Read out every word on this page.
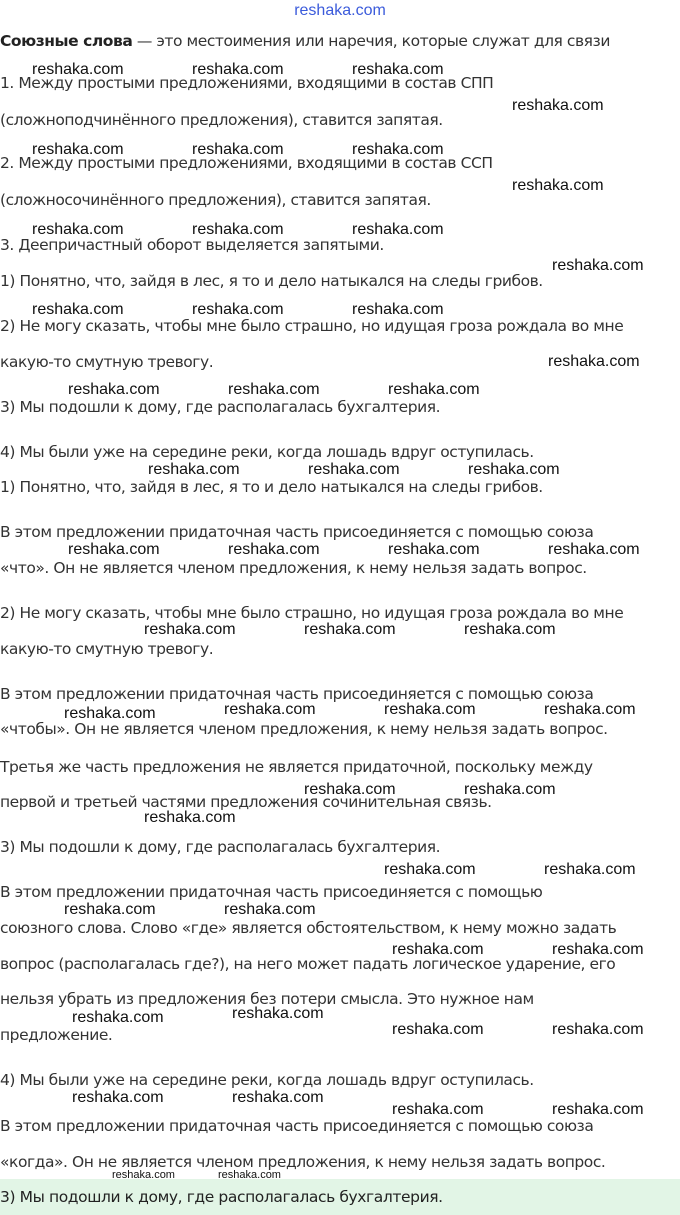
reshaka.com
Союзные слова — это местоимения или наречия, которые служат для связи
1. Между простыми предложениями, входящими в состав СПП
(сложноподчинённого предложения), ставится запятая.
2. Между простыми предложениями, входящими в состав ССП
(сложносочинённого предложения), ставится запятая.
3. Деепричастный оборот выделяется запятыми.
1) Понятно, что, зайдя в лес, я то и дело натыкался на следы грибов.
2) Не могу сказать, чтобы мне было страшно, но идущая гроза рождала во мне
какую-то смутную тревогу.
3) Мы подошли к дому, где располагалась бухгалтерия.
4) Мы были уже на середине реки, когда лошадь вдруг оступилась.
1) Понятно, что, зайдя в лес, я то и дело натыкался на следы грибов.
В этом предложении придаточная часть присоединяется с помощью союза
«что». Он не является членом предложения, к нему нельзя задать вопрос.
2) Не могу сказать, чтобы мне было страшно, но идущая гроза рождала во мне
какую-то смутную тревогу.
В этом предложении придаточная часть присоединяется с помощью союза
«чтобы». Он не является членом предложения, к нему нельзя задать вопрос.
Третья же часть предложения не является придаточной, поскольку между
первой и третьей частями предложения сочинительная связь.
3) Мы подошли к дому, где располагалась бухгалтерия.
В этом предложении придаточная часть присоединяется с помощью
союзного слова. Слово «где» является обстоятельством, к нему можно задать
вопрос (располагалась где?), на него может падать логическое ударение, его
нельзя убрать из предложения без потери смысла. Это нужное нам
предложение.
4) Мы были уже на середине реки, когда лошадь вдруг оступилась.
В этом предложении придаточная часть присоединяется с помощью союза
«когда». Он не является членом предложения, к нему нельзя задать вопрос.
3) Мы подошли к дому, где располагалась бухгалтерия.
reshaka.com	reshaka.com	reshaka.com
reshaka.com
reshaka.com	reshaka.com	reshaka.com
reshaka.com
reshaka.com	reshaka.com	reshaka.com
reshaka.com
reshaka.com	reshaka.com	reshaka.com
reshaka.com
reshaka.com	reshaka.com	reshaka.com
reshaka.com	reshaka.com	reshaka.com
reshaka.com	reshaka.com	reshaka.com	reshaka.com
reshaka.com	reshaka.com	reshaka.com
reshaka.com	reshaka.com	reshaka.com	reshaka.com
reshaka.com	reshaka.com
reshaka.com
reshaka.com	reshaka.com
reshaka.com	reshaka.com
reshaka.com	reshaka.com
reshaka.com	reshaka.com
reshaka.com	reshaka.com
reshaka.com	reshaka.com
reshaka.com	reshaka.com
reshaka.com	reshaka.com
